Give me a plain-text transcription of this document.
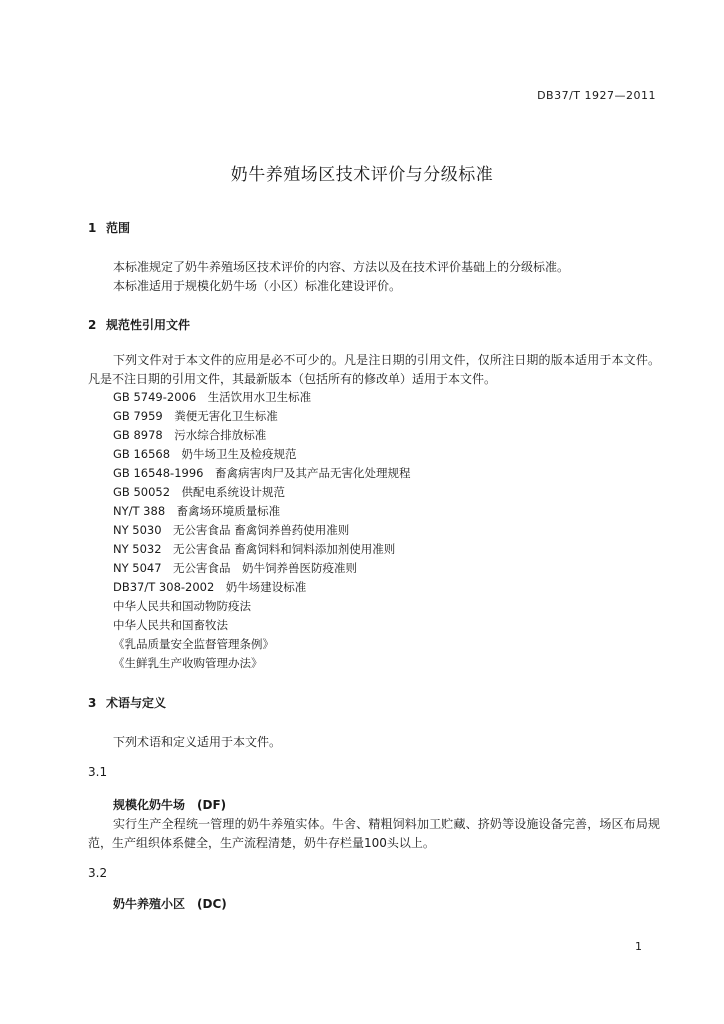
DB37/T 1927—2011
奶牛养殖场区技术评价与分级标准
1 范围
本标准规定了奶牛养殖场区技术评价的内容、方法以及在技术评价基础上的分级标准。
本标准适用于规模化奶牛场（小区）标准化建设评价。
2 规范性引用文件
下列文件对于本文件的应用是必不可少的。凡是注日期的引用文件，仅所注日期的版本适用于本文件。凡是不注日期的引用文件，其最新版本（包括所有的修改单）适用于本文件。
GB 5749-2006　生活饮用水卫生标准
GB 7959　粪便无害化卫生标准
GB 8978　污水综合排放标准
GB 16568　奶牛场卫生及检疫规范
GB 16548-1996　畜禽病害肉尸及其产品无害化处理规程
GB 50052　供配电系统设计规范
NY/T 388　畜禽场环境质量标准
NY 5030　无公害食品 畜禽饲养兽药使用准则
NY 5032　无公害食品 畜禽饲料和饲料添加剂使用准则
NY 5047　无公害食品　奶牛饲养兽医防疫准则
DB37/T 308-2002　奶牛场建设标准
中华人民共和国动物防疫法
中华人民共和国畜牧法
《乳品质量安全监督管理条例》
《生鲜乳生产收购管理办法》
3 术语与定义
下列术语和定义适用于本文件。
3.1
规模化奶牛场　(DF)
实行生产全程统一管理的奶牛养殖实体。牛舍、精粗饲料加工贮藏、挤奶等设施设备完善，场区布局规范，生产组织体系健全，生产流程清楚，奶牛存栏量100头以上。
3.2
奶牛养殖小区　(DC)
1
